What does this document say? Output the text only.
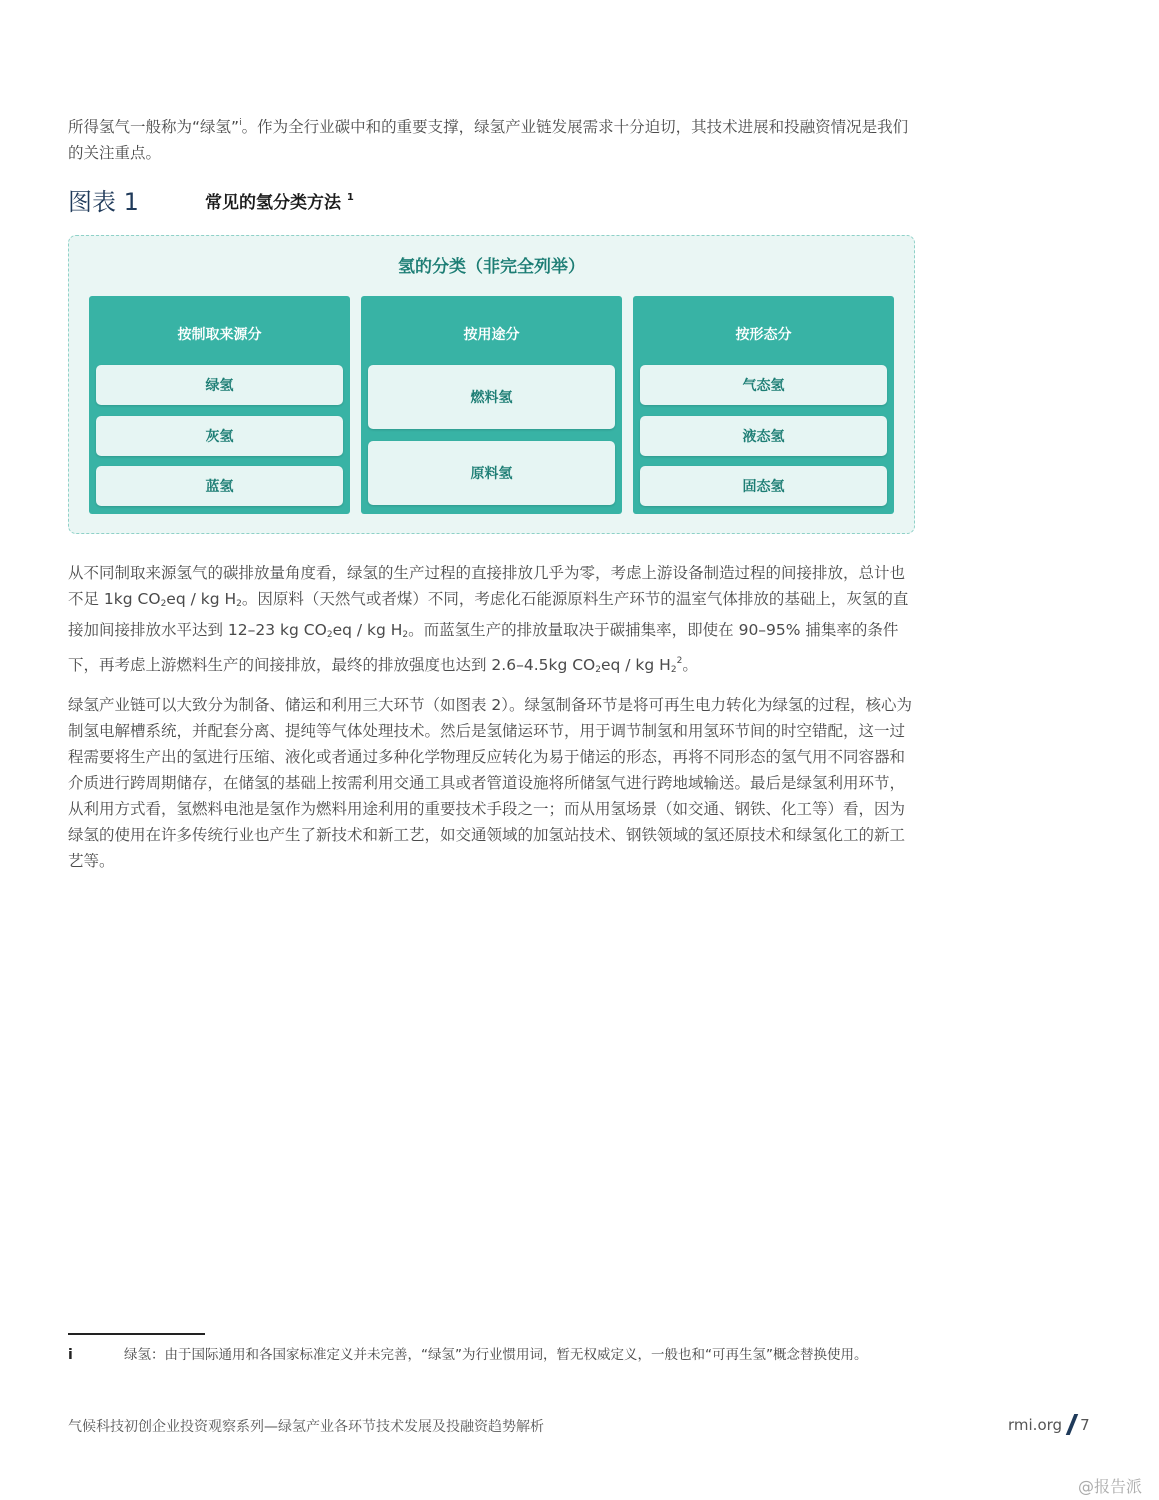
所得氢气一般称为“绿氢”$^i$。作为全行业碳中和的重要支撑，绿氢产业链发展需求十分迫切，其技术进展和投融资情况是我们的关注重点。

图表 1	常见的氢分类方法 $^1$
氢的分类（非完全列举）
按制取来源分
绿氢
灰氢
蓝氢
按用途分
燃料氢
原料氢
按形态分
气态氢
液态氢
固态氢

从不同制取来源氢气的碳排放量角度看，绿氢的生产过程的直接排放几乎为零，考虑上游设备制造过程的间接排放，总计也不足 1kg $CO_2eq$ / kg $H_2$。因原料（天然气或者煤）不同，考虑化石能源原料生产环节的温室气体排放的基础上，灰氢的直接加间接排放水平达到 12–23 kg $CO_2eq$ / kg $H_2$。而蓝氢生产的排放量取决于碳捕集率，即使在 90–95% 捕集率的条件下，再考虑上游燃料生产的间接排放，最终的排放强度也达到 2.6–4.5kg $CO_2eq$ / kg $H_2^2$。

绿氢产业链可以大致分为制备、储运和利用三大环节（如图表 2）。绿氢制备环节是将可再生电力转化为绿氢的过程，核心为制氢电解槽系统，并配套分离、提纯等气体处理技术。然后是氢储运环节，用于调节制氢和用氢环节间的时空错配，这一过程需要将生产出的氢进行压缩、液化或者通过多种化学物理反应转化为易于储运的形态，再将不同形态的氢气用不同容器和介质进行跨周期储存，在储氢的基础上按需利用交通工具或者管道设施将所储氢气进行跨地域输送。最后是绿氢利用环节，从利用方式看，氢燃料电池是氢作为燃料用途利用的重要技术手段之一；而从用氢场景（如交通、钢铁、化工等）看，因为绿氢的使用在许多传统行业也产生了新技术和新工艺，如交通领域的加氢站技术、钢铁领域的氢还原技术和绿氢化工的新工艺等。

i	绿氢：由于国际通用和各国家标准定义并未完善，“绿氢”为行业惯用词，暂无权威定义，一般也和“可再生氢”概念替换使用。
气候科技初创企业投资观察系列—绿氢产业各环节技术发展及投融资趋势解析	rmi.org 7
@报告派
